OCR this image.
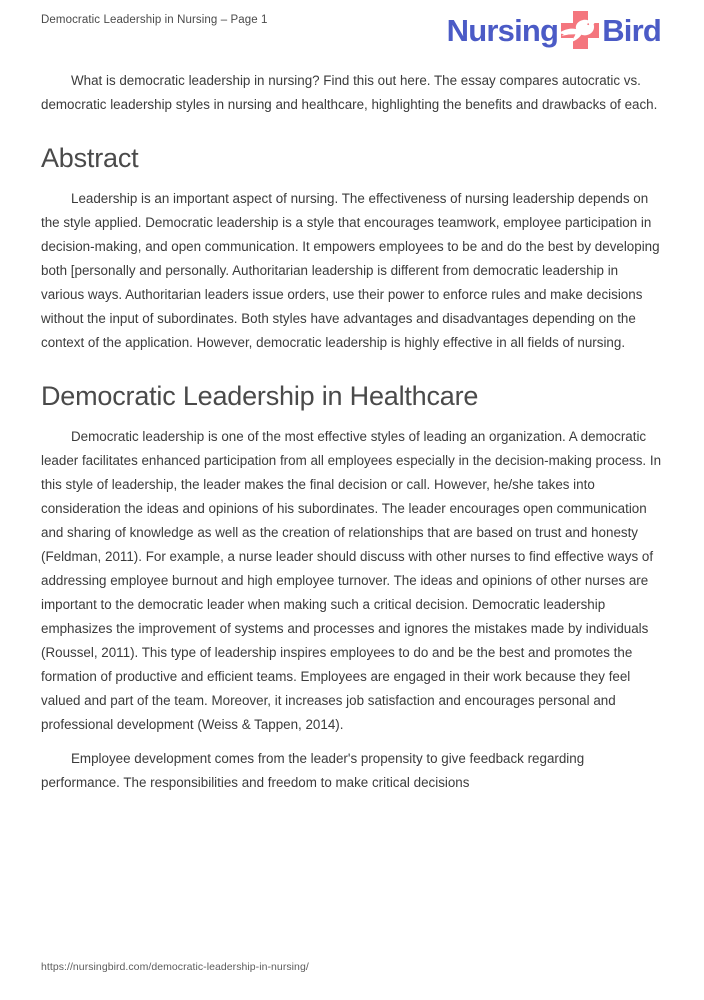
Democratic Leadership in Nursing – Page 1	Nursing Bird

What is democratic leadership in nursing? Find this out here. The essay compares autocratic vs. democratic leadership styles in nursing and healthcare, highlighting the benefits and drawbacks of each.

Abstract

Leadership is an important aspect of nursing. The effectiveness of nursing leadership depends on the style applied. Democratic leadership is a style that encourages teamwork, employee participation in decision-making, and open communication. It empowers employees to be and do the best by developing both [personally and personally. Authoritarian leadership is different from democratic leadership in various ways. Authoritarian leaders issue orders, use their power to enforce rules and make decisions without the input of subordinates. Both styles have advantages and disadvantages depending on the context of the application. However, democratic leadership is highly effective in all fields of nursing.

Democratic Leadership in Healthcare

Democratic leadership is one of the most effective styles of leading an organization. A democratic leader facilitates enhanced participation from all employees especially in the decision-making process. In this style of leadership, the leader makes the final decision or call. However, he/she takes into consideration the ideas and opinions of his subordinates. The leader encourages open communication and sharing of knowledge as well as the creation of relationships that are based on trust and honesty (Feldman, 2011). For example, a nurse leader should discuss with other nurses to find effective ways of addressing employee burnout and high employee turnover. The ideas and opinions of other nurses are important to the democratic leader when making such a critical decision. Democratic leadership emphasizes the improvement of systems and processes and ignores the mistakes made by individuals (Roussel, 2011). This type of leadership inspires employees to do and be the best and promotes the formation of productive and efficient teams. Employees are engaged in their work because they feel valued and part of the team. Moreover, it increases job satisfaction and encourages personal and professional development (Weiss & Tappen, 2014).

Employee development comes from the leader's propensity to give feedback regarding performance. The responsibilities and freedom to make critical decisions

https://nursingbird.com/democratic-leadership-in-nursing/
